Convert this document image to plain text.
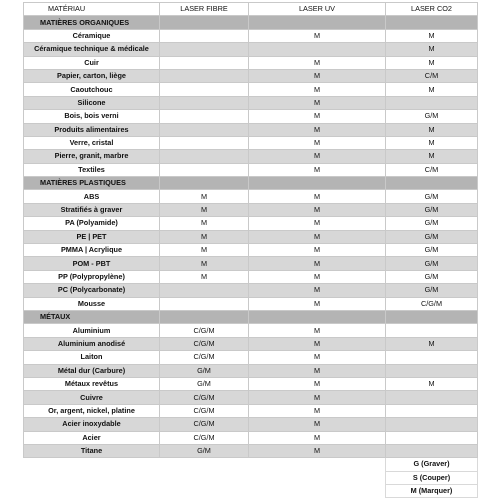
MATÉRIAU	LASER FIBRE	LASER UV	LASER CO2
MATIÈRES ORGANIQUES			
Céramique		M	M
Céramique technique & médicale			M
Cuir		M	M
Papier, carton, liège		M	C/M
Caoutchouc		M	M
Silicone		M	
Bois, bois verni		M	G/M
Produits alimentaires		M	M
Verre, cristal		M	M
Pierre, granit, marbre		M	M
Textiles		M	C/M
MATIÈRES PLASTIQUES			
ABS	M	M	G/M
Stratifiés à graver	M	M	G/M
PA (Polyamide)	M	M	G/M
PE | PET	M	M	G/M
PMMA | Acrylique	M	M	G/M
POM - PBT	M	M	G/M
PP (Polypropylène)	M	M	G/M
PC (Polycarbonate)		M	G/M
Mousse		M	C/G/M
MÉTAUX			
Aluminium	C/G/M	M	
Aluminium anodisé	C/G/M	M	M
Laiton	C/G/M	M	
Métal dur (Carbure)	G/M	M	
Métaux revêtus	G/M	M	M
Cuivre	C/G/M	M	
Or, argent, nickel, platine	C/G/M	M	
Acier inoxydable	C/G/M	M	
Acier	C/G/M	M	
Titane	G/M	M	
			G (Graver)
			S (Couper)
			M (Marquer)
